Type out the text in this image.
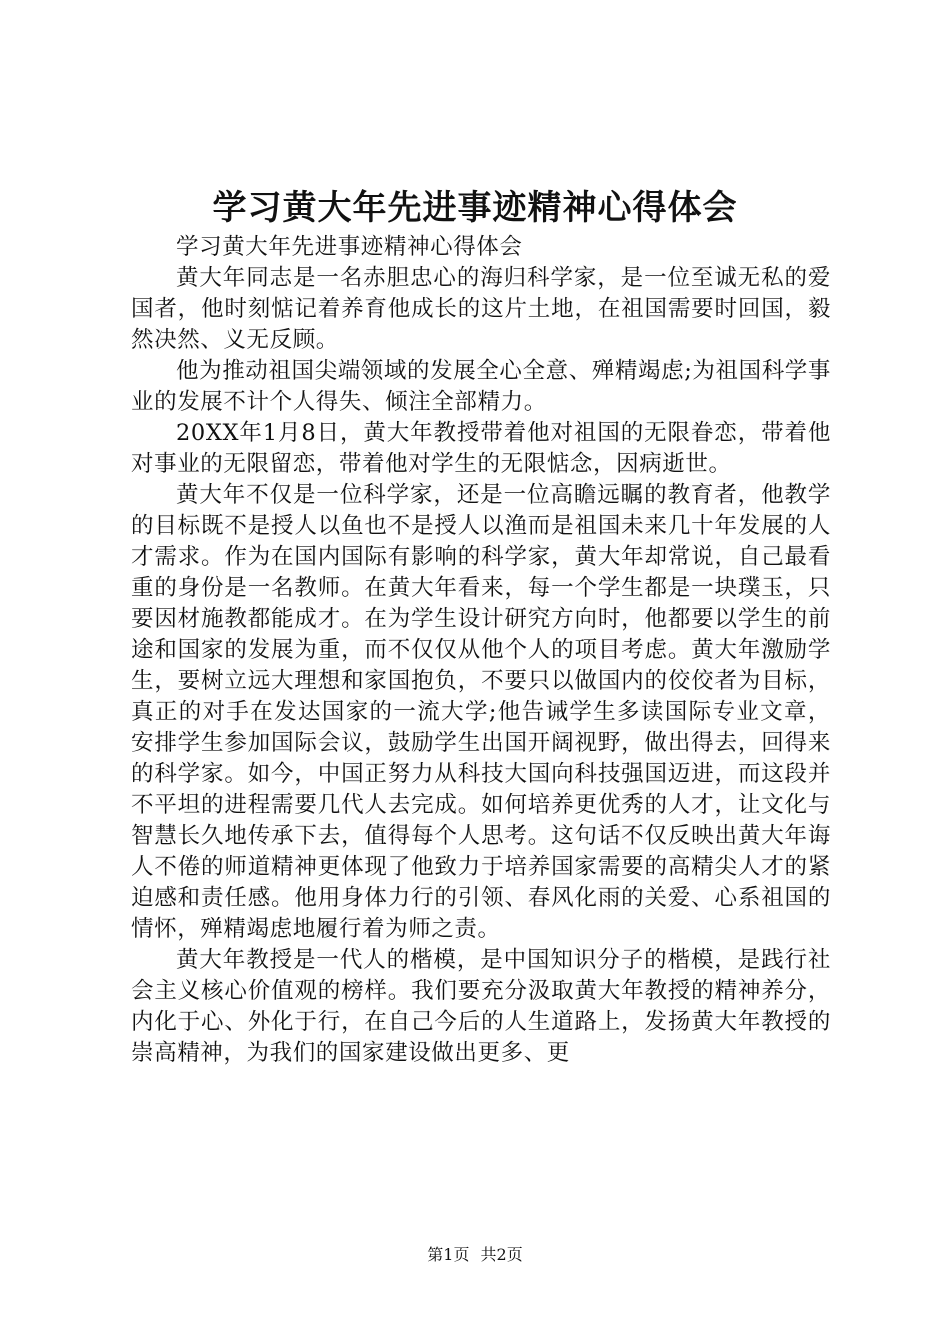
学习黄大年先进事迹精神心得体会

学习黄大年先进事迹精神心得体会

黄大年同志是一名赤胆忠心的海归科学家，是一位至诚无私的爱国者，他时刻惦记着养育他成长的这片土地，在祖国需要时回国，毅然决然、义无反顾。

他为推动祖国尖端领域的发展全心全意、殚精竭虑;为祖国科学事业的发展不计个人得失、倾注全部精力。

20XX年1月8日，黄大年教授带着他对祖国的无限眷恋，带着他对事业的无限留恋，带着他对学生的无限惦念，因病逝世。

黄大年不仅是一位科学家，还是一位高瞻远瞩的教育者，他教学的目标既不是授人以鱼也不是授人以渔而是祖国未来几十年发展的人才需求。作为在国内国际有影响的科学家，黄大年却常说，自己最看重的身份是一名教师。在黄大年看来，每一个学生都是一块璞玉，只要因材施教都能成才。在为学生设计研究方向时，他都要以学生的前途和国家的发展为重，而不仅仅从他个人的项目考虑。黄大年激励学生，要树立远大理想和家国抱负，不要只以做国内的佼佼者为目标，真正的对手在发达国家的一流大学;他告诫学生多读国际专业文章，安排学生参加国际会议，鼓励学生出国开阔视野，做出得去，回得来的科学家。如今，中国正努力从科技大国向科技强国迈进，而这段并不平坦的进程需要几代人去完成。如何培养更优秀的人才，让文化与智慧长久地传承下去，值得每个人思考。这句话不仅反映出黄大年诲人不倦的师道精神更体现了他致力于培养国家需要的高精尖人才的紧迫感和责任感。他用身体力行的引领、春风化雨的关爱、心系祖国的情怀，殚精竭虑地履行着为师之责。

黄大年教授是一代人的楷模，是中国知识分子的楷模，是践行社会主义核心价值观的榜样。我们要充分汲取黄大年教授的精神养分，内化于心、外化于行，在自己今后的人生道路上，发扬黄大年教授的崇高精神，为我们的国家建设做出更多、更

第1页 共2页
